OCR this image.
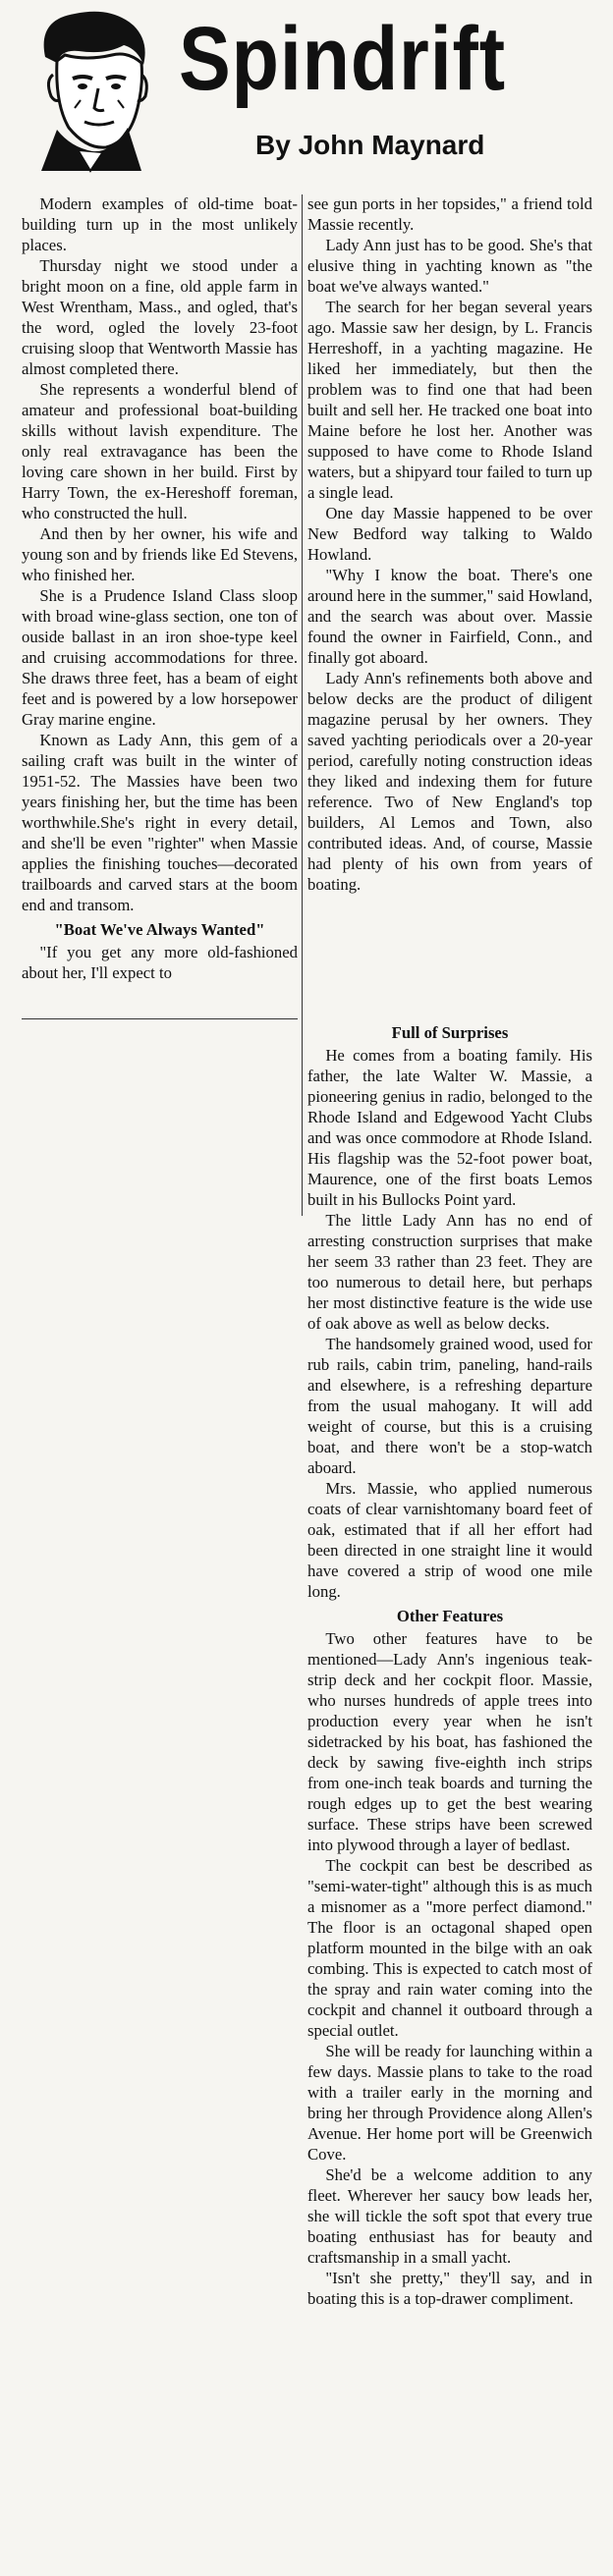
Spindrift
By John Maynard

Modern examples of old-time boat-building turn up in the most unlikely places.

Thursday night we stood under a bright moon on a fine, old apple farm in West Wrentham, Mass., and ogled, that's the word, ogled the lovely 23-foot cruising sloop that Wentworth Massie has almost completed there.

She represents a wonderful blend of amateur and professional boat-building skills without lavish expenditure. The only real extravagance has been the loving care shown in her build. First by Harry Town, the ex-Hereshoff foreman, who constructed the hull.

And then by her owner, his wife and young son and by friends like Ed Stevens, who finished her.

She is a Prudence Island Class sloop with broad wine-glass section, one ton of ouside ballast in an iron shoe-type keel and cruising accommodations for three. She draws three feet, has a beam of eight feet and is powered by a low horsepower Gray marine engine.

Known as Lady Ann, this gem of a sailing craft was built in the winter of 1951-52. The Massies have been two years finishing her, but the time has been worthwhile.She's right in every detail, and she'll be even "righter" when Massie applies the finishing touches—decorated trailboards and carved stars at the boom end and transom.

"Boat We've Always Wanted"

"If you get any more old-fashioned about her, I'll expect to

see gun ports in her topsides," a friend told Massie recently.

Lady Ann just has to be good. She's that elusive thing in yachting known as "the boat we've always wanted."

The search for her began several years ago. Massie saw her design, by L. Francis Herreshoff, in a yachting magazine. He liked her immediately, but then the problem was to find one that had been built and sell her. He tracked one boat into Maine before he lost her. Another was supposed to have come to Rhode Island waters, but a shipyard tour failed to turn up a single lead.

One day Massie happened to be over New Bedford way talking to Waldo Howland.

"Why I know the boat. There's one around here in the summer," said Howland, and the search was about over. Massie found the owner in Fairfield, Conn., and finally got aboard.

Lady Ann's refinements both above and below decks are the product of diligent magazine perusal by her owners. They saved yachting periodicals over a 20-year period, carefully noting construction ideas they liked and indexing them for future reference. Two of New England's top builders, Al Lemos and Town, also contributed ideas. And, of course, Massie had plenty of his own from years of boating.

Full of Surprises

He comes from a boating family. His father, the late Walter W. Massie, a pioneering genius in radio, belonged to the Rhode Island and Edgewood Yacht Clubs and was once commodore at Rhode Island. His flagship was the 52-foot power boat, Maurence, one of the first boats Lemos built in his Bullocks Point yard.

The little Lady Ann has no end of arresting construction surprises that make her seem 33 rather than 23 feet. They are too numerous to detail here, but perhaps her most distinctive feature is the wide use of oak above as well as below decks.

The handsomely grained wood, used for rub rails, cabin trim, paneling, hand-rails and elsewhere, is a refreshing departure from the usual mahogany. It will add weight of course, but this is a cruising boat, and there won't be a stop-watch aboard.

Mrs. Massie, who applied numerous coats of clear varnishtomany board feet of oak, estimated that if all her effort had been directed in one straight line it would have covered a strip of wood one mile long.

Other Features

Two other features have to be mentioned—Lady Ann's ingenious teak-strip deck and her cockpit floor. Massie, who nurses hundreds of apple trees into production every year when he isn't sidetracked by his boat, has fashioned the deck by sawing five-eighth inch strips from one-inch teak boards and turning the rough edges up to get the best wearing surface. These strips have been screwed into plywood through a layer of bedlast.

The cockpit can best be described as "semi-water-tight" although this is as much a misnomer as a "more perfect diamond." The floor is an octagonal shaped open platform mounted in the bilge with an oak combing. This is expected to catch most of the spray and rain water coming into the cockpit and channel it outboard through a special outlet.

She will be ready for launching within a few days. Massie plans to take to the road with a trailer early in the morning and bring her through Providence along Allen's Avenue. Her home port will be Greenwich Cove.

She'd be a welcome addition to any fleet. Wherever her saucy bow leads her, she will tickle the soft spot that every true boating enthusiast has for beauty and craftsmanship in a small yacht.

"Isn't she pretty," they'll say, and in boating this is a top-drawer compliment.
